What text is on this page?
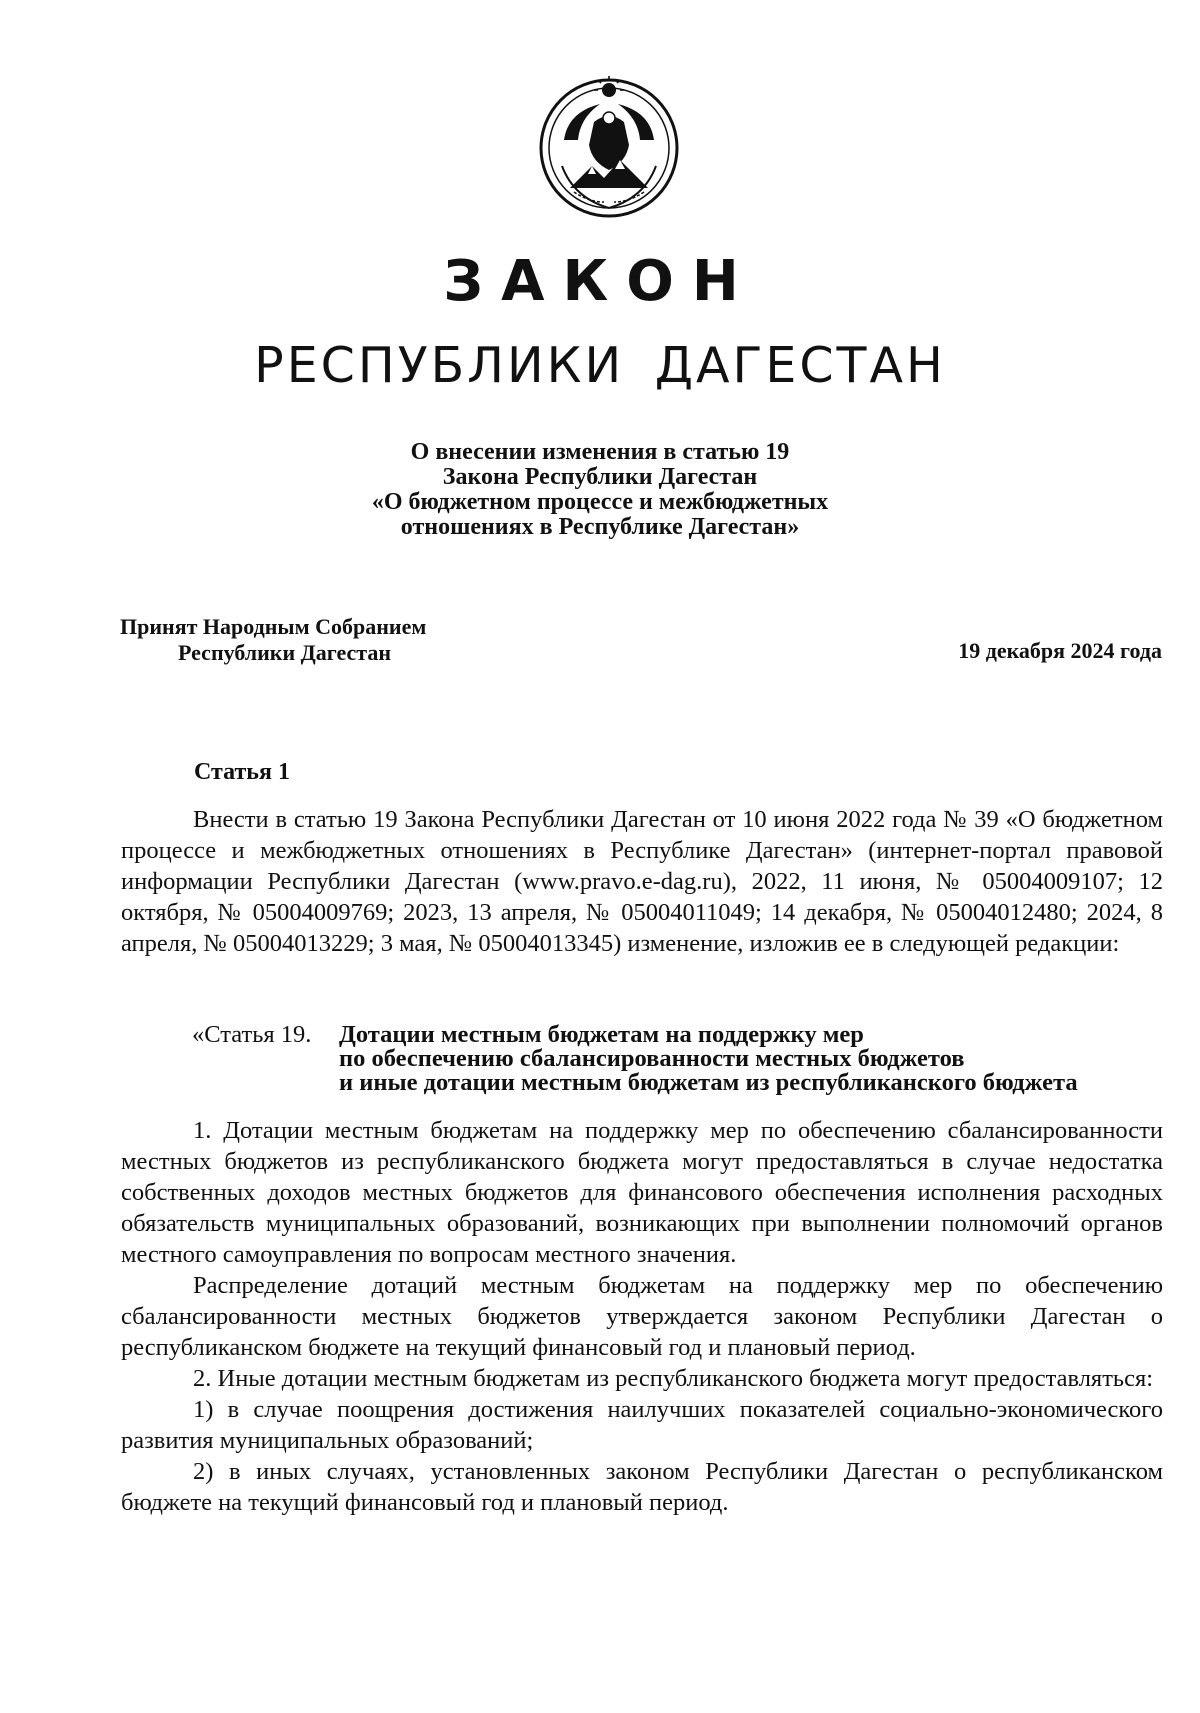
ЗАКОН
РЕСПУБЛИКИ ДАГЕСТАН
О внесении изменения в статью 19
Закона Республики Дагестан
«О бюджетном процессе и межбюджетных
отношениях в Республике Дагестан»
Принят Народным Собранием
Республики Дагестан	19 декабря 2024 года
Статья 1

Внести в статью 19 Закона Республики Дагестан от 10 июня 2022 года № 39 «О бюджетном процессе и межбюджетных отношениях в Республике Дагестан» (интернет-портал правовой информации Республики Дагестан (www.pravo.e-dag.ru), 2022, 11 июня, № 05004009107; 12 октября, № 05004009769; 2023, 13 апреля, № 05004011049; 14 декабря, № 05004012480; 2024, 8 апреля, № 05004013229; 3 мая, № 05004013345) изменение, изложив ее в следующей редакции:

«Статья 19. Дотации местным бюджетам на поддержку мер
по обеспечению сбалансированности местных бюджетов
и иные дотации местным бюджетам из республиканского бюджета

1. Дотации местным бюджетам на поддержку мер по обеспечению сбалансированности местных бюджетов из республиканского бюджета могут предоставляться в случае недостатка собственных доходов местных бюджетов для финансового обеспечения исполнения расходных обязательств муниципальных образований, возникающих при выполнении полномочий органов местного самоуправления по вопросам местного значения.

Распределение дотаций местным бюджетам на поддержку мер по обеспечению сбалансированности местных бюджетов утверждается законом Республики Дагестан о республиканском бюджете на текущий финансовый год и плановый период.

2. Иные дотации местным бюджетам из республиканского бюджета могут предоставляться:

1) в случае поощрения достижения наилучших показателей социально-экономического развития муниципальных образований;

2) в иных случаях, установленных законом Республики Дагестан о республиканском бюджете на текущий финансовый год и плановый период.
